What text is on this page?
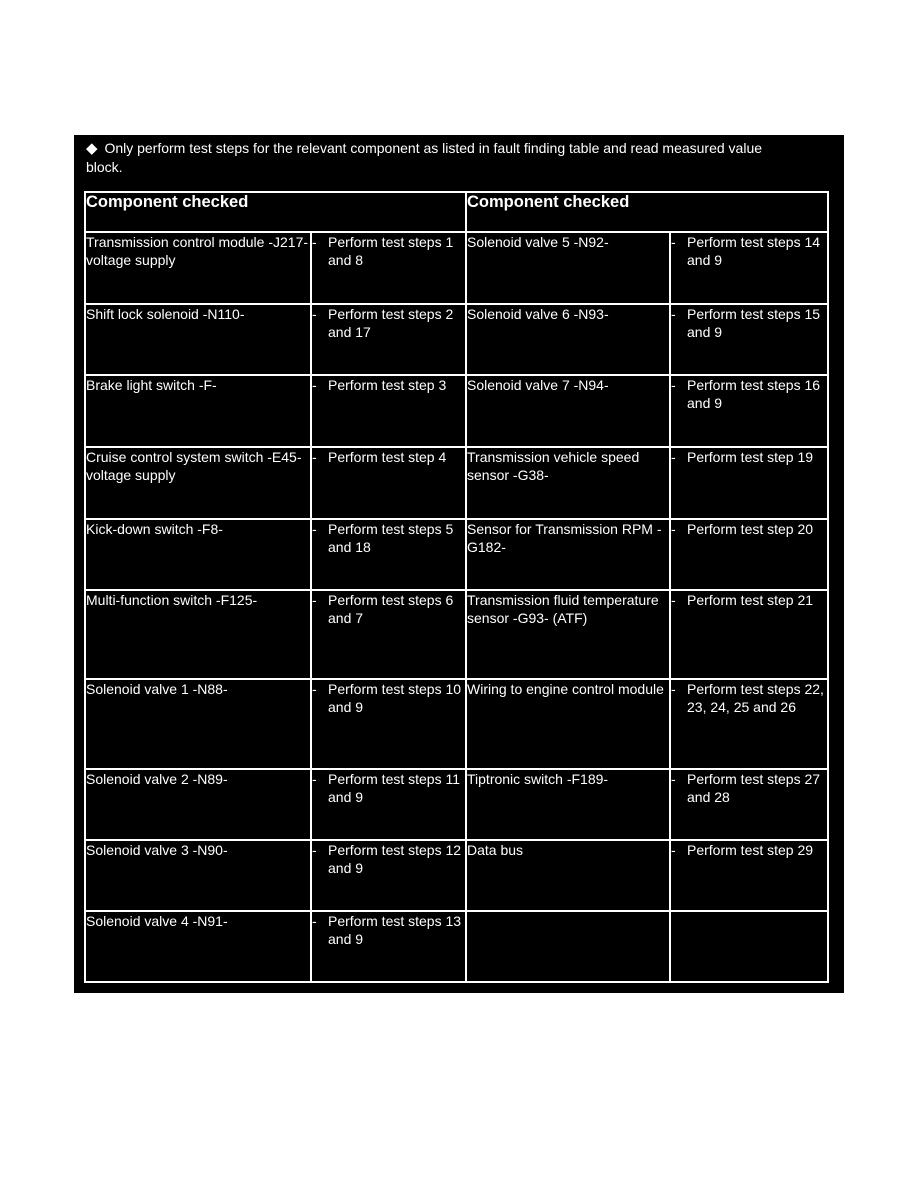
◆ Only perform test steps for the relevant component as listed in fault finding table and read measured value block.
Component checked		Component checked	
Transmission control module -J217- voltage supply	- Perform test steps 1 and 8	Solenoid valve 5 -N92-	- Perform test steps 14 and 9

Shift lock solenoid -N110-	- Perform test steps 2 and 17	Solenoid valve 6 -N93-	- Perform test steps 15 and 9

Brake light switch -F-	- Perform test step 3	Solenoid valve 7 -N94-	- Perform test steps 16 and 9

Cruise control system switch -E45- voltage supply	- Perform test step 4	Transmission vehicle speed sensor -G38-	- Perform test step 19

Kick-down switch -F8-	- Perform test steps 5 and 18	Sensor for Transmission RPM -G182-	- Perform test step 20

Multi-function switch -F125-	- Perform test steps 6 and 7	Transmission fluid temperature sensor -G93- (ATF)	- Perform test step 21

Solenoid valve 1 -N88-	- Perform test steps 10 and 9	Wiring to engine control module	- Perform test steps 22, 23, 24, 25 and 26

Solenoid valve 2 -N89-	- Perform test steps 11 and 9	Tiptronic switch -F189-	- Perform test steps 27 and 28

Solenoid valve 3 -N90-	- Perform test steps 12 and 9	Data bus	- Perform test step 29

Solenoid valve 4 -N91-	- Perform test steps 13 and 9		
